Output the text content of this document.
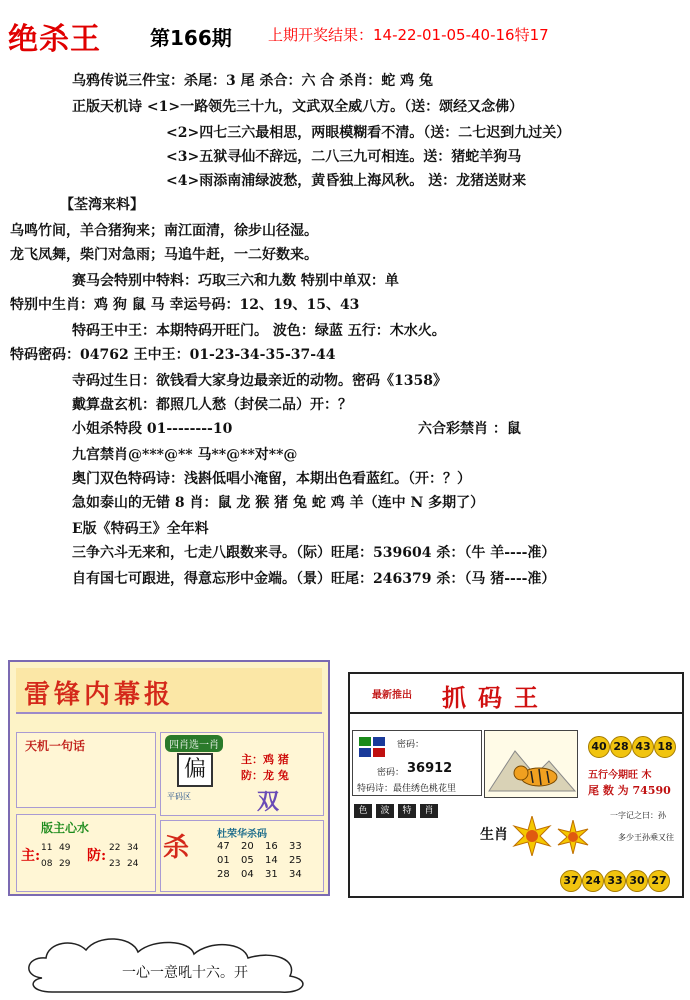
绝杀王 第166期 上期开奖结果：14-22-01-05-40-16特17
乌鸦传说三件宝：杀尾：3 尾 杀合：六 合 杀肖：蛇 鸡 兔
正版天机诗 <1>一路领先三十九，文武双全威八方。（送：颂经又念佛）
<2>四七三六最相思，两眼模糊看不清。（送：二七迟到九过关）
<3>五狱寻仙不辞远，二八三九可相连。送：猪蛇羊狗马
<4>雨添南浦绿波愁，黄昏独上海风秋。 送：龙猪送财来
【荃湾来料】
乌鸣竹间，羊合猪狗来；南江面清，徐步山径湿。
龙飞凤舞，柴门对急雨；马追牛赶，一二好数来。
赛马会特别中特料：巧取三六和九数 特别中单双：单
特别中生肖：鸡 狗 鼠 马 幸运号码：12、19、15、43
特码王中王：本期特码开旺门。 波色：绿蓝 五行：木水火。
特码密码：04762 王中王：01-23-34-35-37-44
寺码过生日：欲钱看大家身边最亲近的动物。密码《1358》
戴算盘玄机：都照几人愁（封侯二品）开：？
小姐杀特段 01--------10	六合彩禁肖 ：鼠
九宫禁肖@***@** 马**@**对**@
奥门双色特码诗：浅斟低唱小淹留，本期出色看蓝红。（开：？）
急如泰山的无错 8 肖：鼠 龙 猴 猪 兔 蛇 鸡 羊（连中 N 多期了）
E版《特码王》全年料
三争六斗无来和，七走八跟数来寻。（际）旺尾：539604 杀：（牛 羊----准）
自有国七可跟进，得意忘形中金端。（景）旺尾：246379 杀：（马 猪----准）
雷锋内幕报
天机一句话
版主心水
主:	防:
11 49
08 29
22 34
23 24
四肖选一肖
偏	主：鸡 猪
防：龙 兔
平码区	双
杀	杜荣华杀码
47 20 16 33
01 05 14 25
28 04 31 34
最新推出 抓码王
密码：
密码： 36912
特码诗：最佳绣色桃花里
40 28 43 18
五行今期旺 木
尾 数 为 74590
色	波	特	肖
生肖
一字记之曰：孙
多少王孙乘又往
37 24 33 30 27
一心一意吼十六。开
